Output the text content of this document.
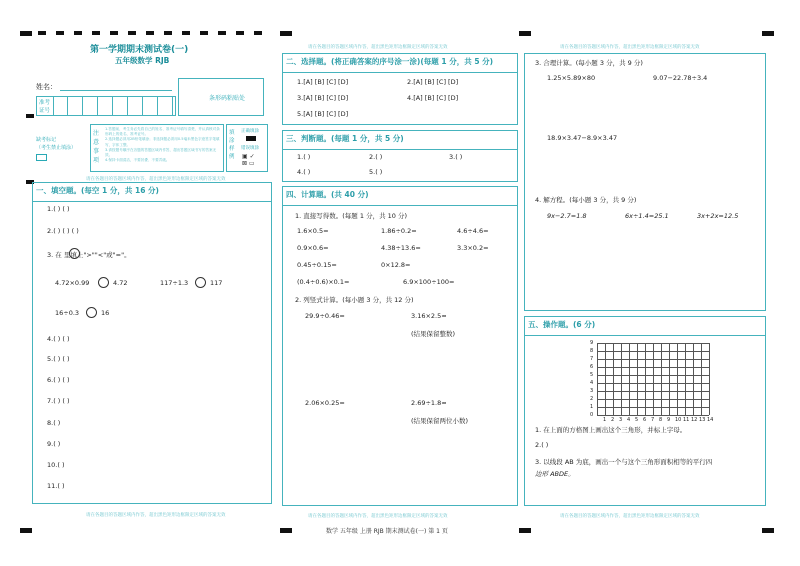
第一学期期末测试卷(一)
五年级数学 RJB
姓名：
准考
证号
条形码粘贴处
缺考标记
（考生禁止填涂）
注
意
事
项
1.答题前，考生务必先将自己的姓名、准考证号填写清楚，并认真核对条形码上的姓名、准考证号。
2.选择题必须用2B铅笔填涂；非选择题必须用0.5毫米黑色字迹签字笔填写，字体工整。
3.请按题号顺序在各题的答题区域内作答，超出答题区域书写的答案无效。
4.保持卡面清洁，不要折叠、不要弄破。
填
涂
样
例
正确填涂
错误填涂
▣ ✓
⊠ ▭
请在各题目的答题区域内作答，超出黑色矩形边框限定区域的答案无效
一、填空题。(每空 1 分，共 16 分)
1.( ) ( )
2.( ) ( ) ( )
3. 在 里填上">""<"或"="。
4.72×0.99	4.72	117÷1.3	117
16÷0.3	16
4.( ) ( )
5.( ) ( )
6.( ) ( )
7.( ) ( )
8.( )
9.( )
10.( )
11.( )
请在各题目的答题区域内作答，超出黑色矩形边框限定区域的答案无效
请在各题目的答题区域内作答，超出黑色矩形边框限定区域的答案无效
二、选择题。(将正确答案的序号涂一涂)(每题 1 分，共 5 分)
1.[A] [B] [C] [D]	2.[A] [B] [C] [D]
3.[A] [B] [C] [D]	4.[A] [B] [C] [D]
5.[A] [B] [C] [D]
三、判断题。(每题 1 分，共 5 分)
1.( )	2.( )	3.( )
4.( )	5.( )
四、计算题。(共 40 分)
1. 直接写得数。(每题 1 分，共 10 分)
1.6×0.5=	1.86÷0.2=	4.6÷4.6=
0.9×0.6=	4.38÷13.6=	3.3×0.2=
0.45÷0.15=	0×12.8=
(0.4÷0.6)×0.1=	6.9×100÷100=
2. 列竖式计算。(每小题 3 分，共 12 分)
29.9÷0.46=	3.16×2.5≈
(结果保留整数)
2.06×0.25=	2.69÷1.8≈
(结果保留两位小数)
请在各题目的答题区域内作答，超出黑色矩形边框限定区域的答案无效
请在各题目的答题区域内作答，超出黑色矩形边框限定区域的答案无效
3. 合理计算。(每小题 3 分，共 9 分)
1.25×5.89×80	9.07−22.78÷3.4
18.9×3.47−8.9×3.47
4. 解方程。(每小题 3 分，共 9 分)
9x−2.7=1.8	6x÷1.4=25.1	3x+2x=12.5
五、操作题。(6 分)
9
8
7
6
5
4
3
2
1
0
1 2 3 4 5 6 7 8 9 10 11 12 13 14
1. 在上面的方格图上画出这个三角形，并标上字母。
2.( )
3. 以线段 AB 为底，画出一个与这个三角形面积相等的平行四
边形 ABDE。
请在各题目的答题区域内作答，超出黑色矩形边框限定区域的答案无效
数学 五年级 上册 RJB 期末测试卷(一) 第 1 页
